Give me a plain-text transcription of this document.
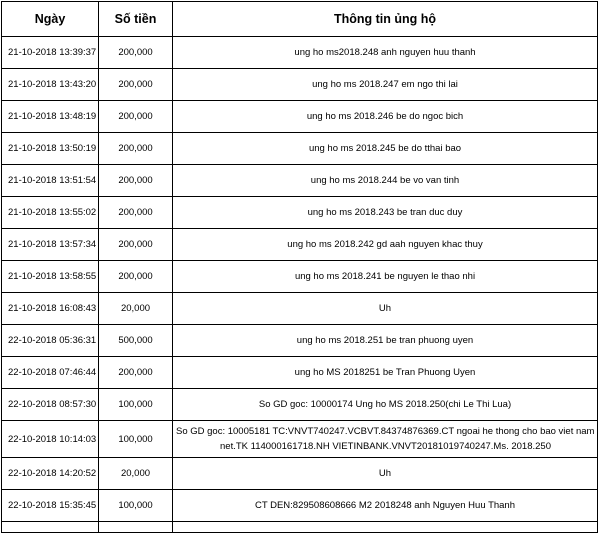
Ngày	Số tiền	Thông tin ủng hộ
21-10-2018 13:39:37	200,000	ung ho ms2018.248 anh nguyen huu thanh
21-10-2018 13:43:20	200,000	ung ho ms 2018.247 em ngo thi lai
21-10-2018 13:48:19	200,000	ung ho ms 2018.246 be do ngoc bich
21-10-2018 13:50:19	200,000	ung ho ms 2018.245 be do tthai bao
21-10-2018 13:51:54	200,000	ung ho ms 2018.244 be vo van tinh
21-10-2018 13:55:02	200,000	ung ho ms 2018.243 be tran duc duy
21-10-2018 13:57:34	200,000	ung ho ms 2018.242 gd aah nguyen khac thuy
21-10-2018 13:58:55	200,000	ung ho ms 2018.241 be nguyen le thao nhi
21-10-2018 16:08:43	20,000	Uh
22-10-2018 05:36:31	500,000	ung ho ms 2018.251 be tran phuong uyen
22-10-2018 07:46:44	200,000	ung ho MS 2018251 be Tran Phuong Uyen
22-10-2018 08:57:30	100,000	So GD goc: 10000174 Ung ho MS 2018.250(chi Le Thi Lua)
22-10-2018 10:14:03	100,000	So GD goc: 10005181 TC:VNVT740247.VCBVT.84374876369.CT ngoai he thong cho bao viet nam
net.TK 114000161718.NH VIETINBANK.VNVT20181019740247.Ms. 2018.250

22-10-2018 14:20:52	20,000	Uh
22-10-2018 15:35:45	100,000	CT DEN:829508608666 M2 2018248 anh Nguyen Huu Thanh
